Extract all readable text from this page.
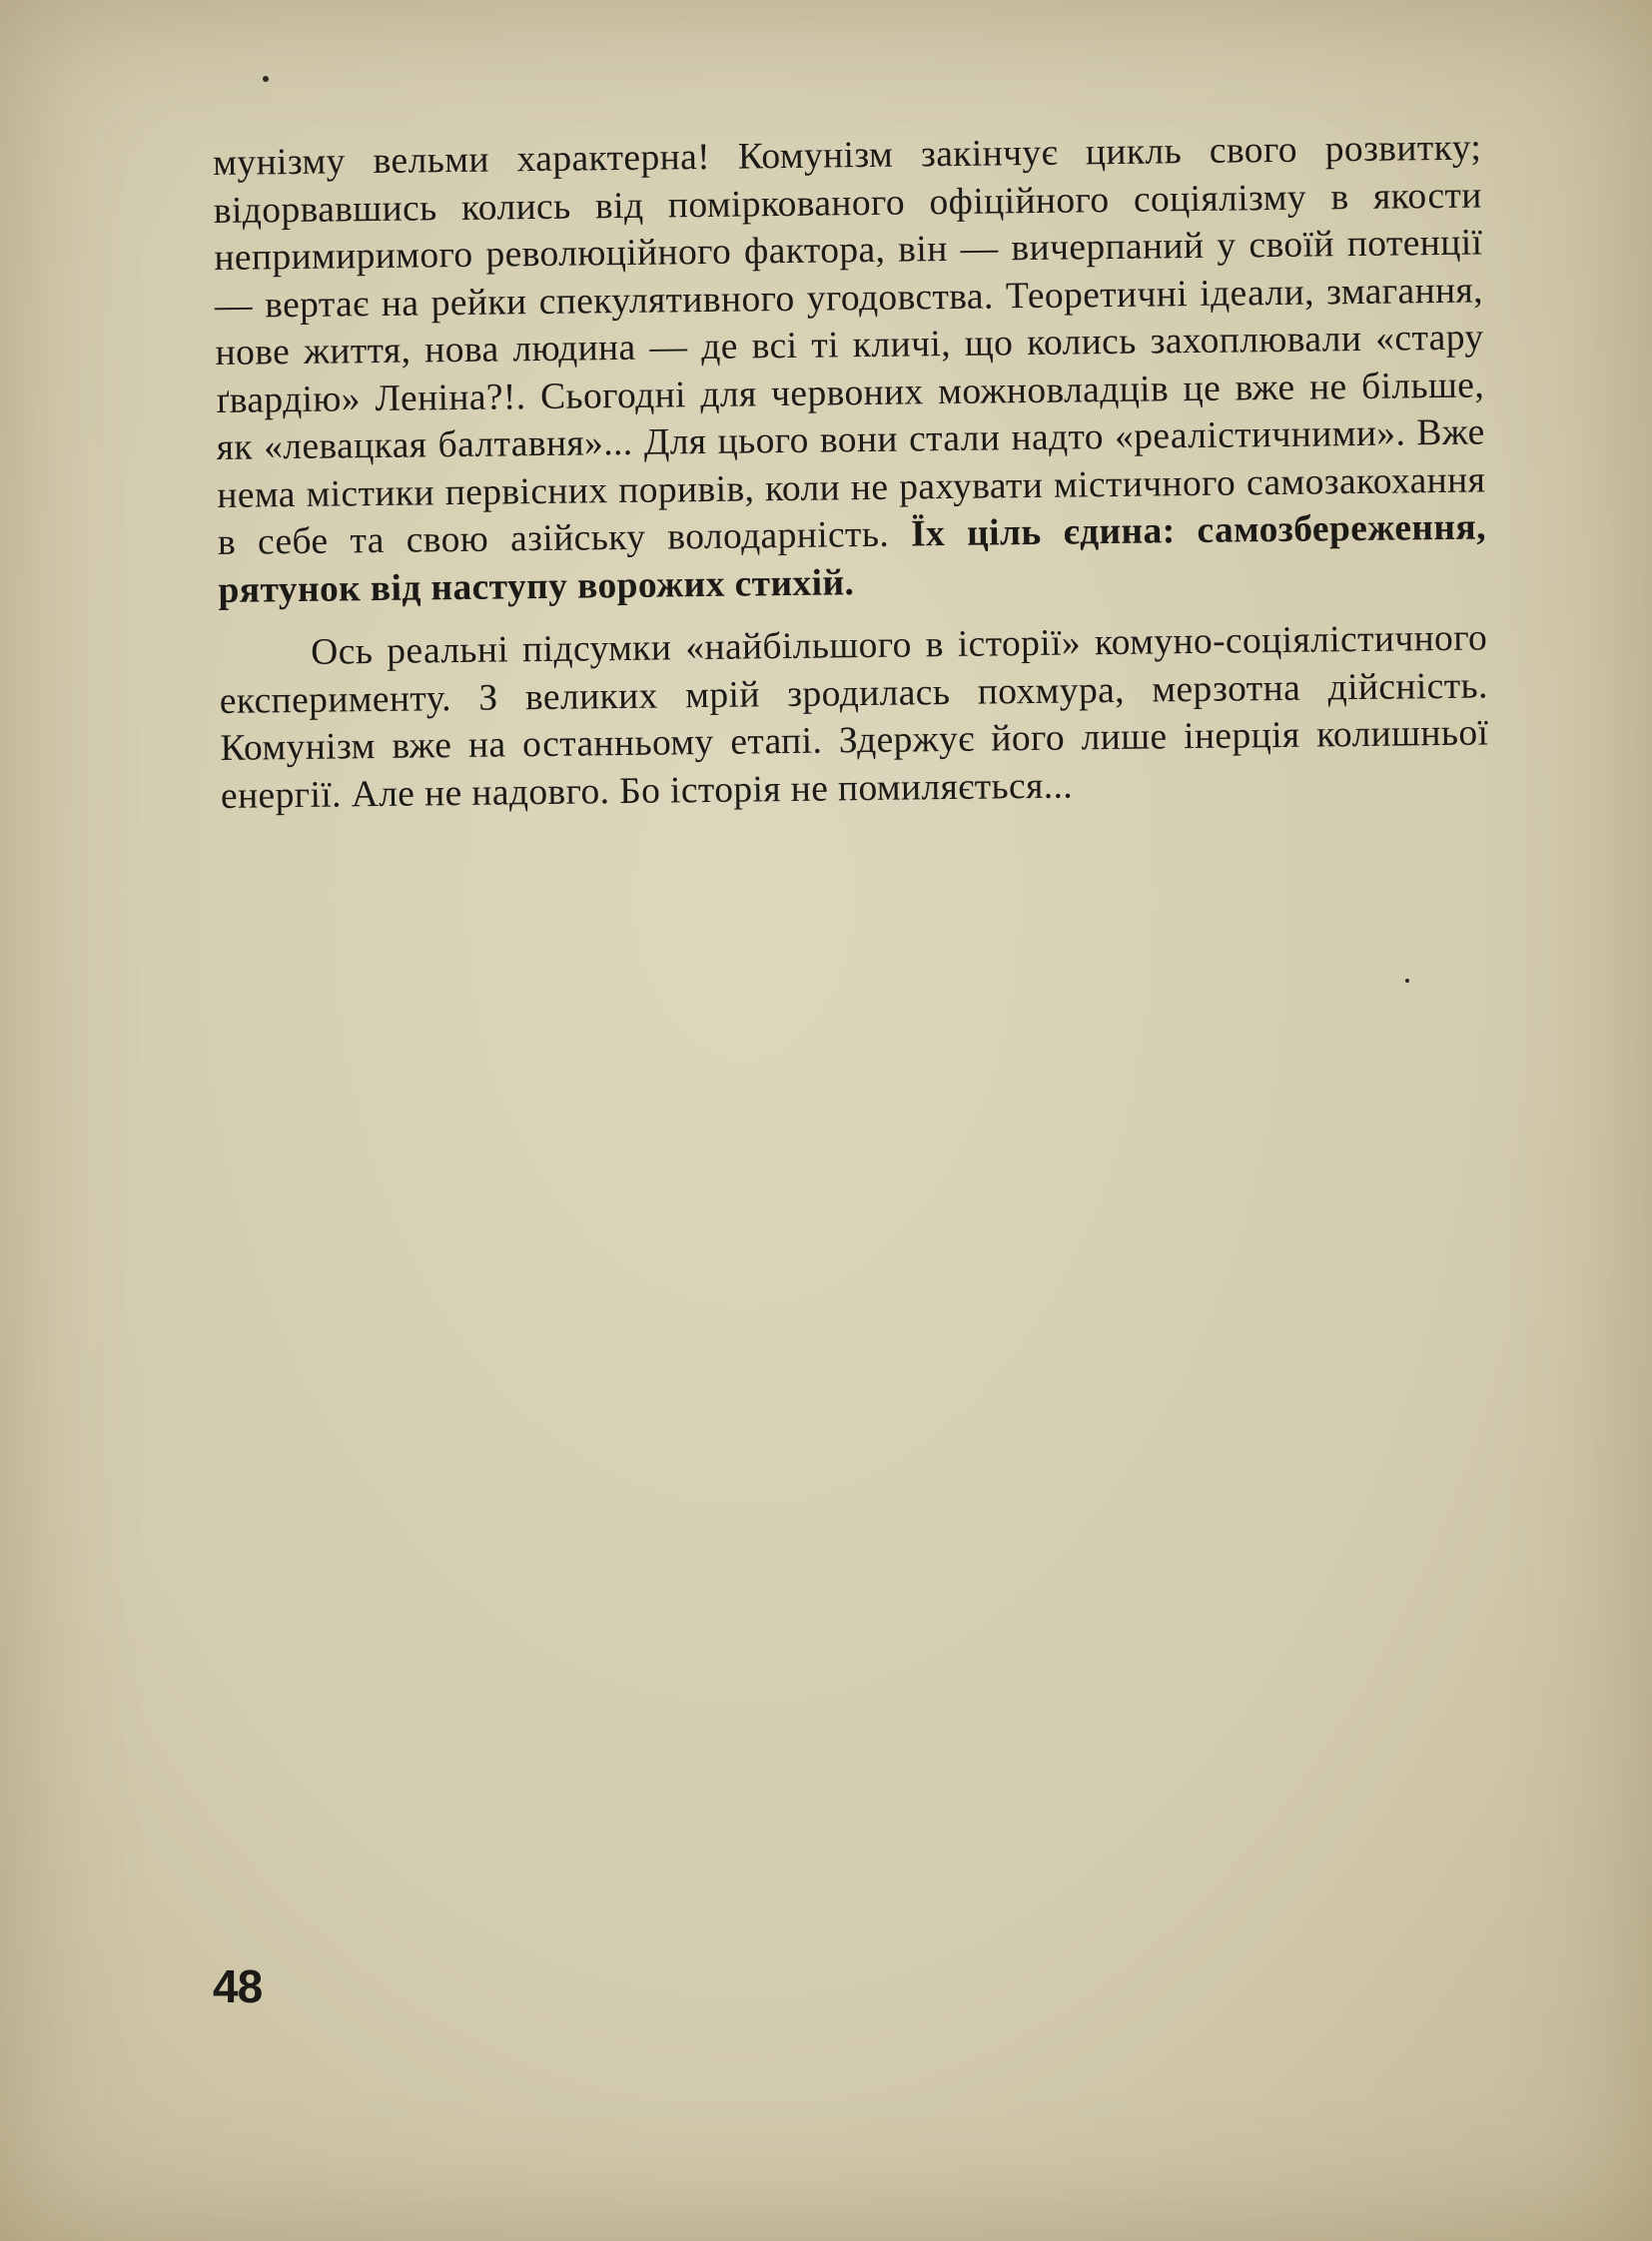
мунізму вельми характерна! Комунізм закінчує цикль свого розвитку; відорвавшись колись від поміркованого офіційного соціялізму в якости непримиримого революційного фактора, він — вичерпаний у своїй потенції — вертає на рейки спекулятивного угодовства. Теоретичні ідеали, змагання, нове життя, нова людина — де всі ті кличі, що колись захоплювали «стару ґвардію» Леніна?!. Сьогодні для червоних можновладців це вже не більше, як «левацкая балтавня»... Для цього вони стали надто «реалістичними». Вже нема містики первісних поривів, коли не рахувати містичного самозакохання в себе та свою азійську володарність. Їх ціль єдина: самозбереження, рятунок від наступу ворожих стихій.

Ось реальні підсумки «найбільшого в історії» комуно-соціялістичного експерименту. З великих мрій зродилась похмура, мерзотна дійсність. Комунізм вже на останньому етапі. Здержує його лише інерція колишньої енергії. Але не надовго. Бо історія не помиляється...

48
